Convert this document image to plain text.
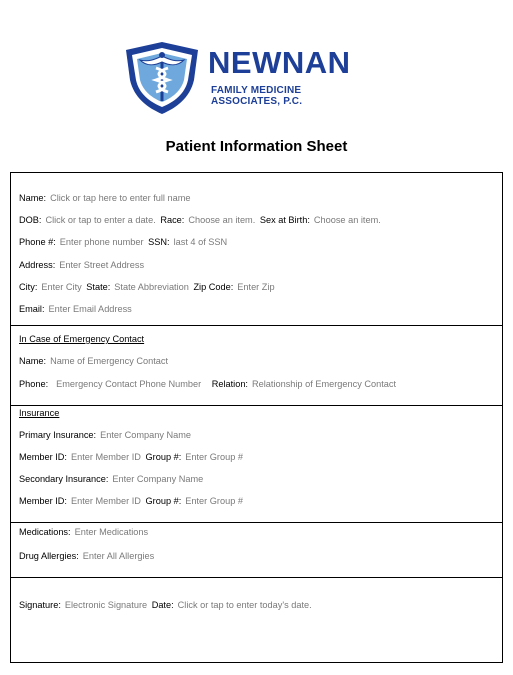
NEWNAN
FAMILY MEDICINE ASSOCIATES, P.C.
Patient Information Sheet
Name: Click or tap here to enter full name
DOB: Click or tap to enter a date. Race: Choose an item. Sex at Birth: Choose an item.
Phone #: Enter phone number SSN: last 4 of SSN
Address: Enter Street Address
City: Enter City State: State Abbreviation Zip Code: Enter Zip
Email: Enter Email Address
In Case of Emergency Contact
Name: Name of Emergency Contact
Phone: Emergency Contact Phone Number Relation: Relationship of Emergency Contact
Insurance
Primary Insurance: Enter Company Name
Member ID: Enter Member ID Group #: Enter Group #
Secondary Insurance: Enter Company Name
Member ID: Enter Member ID Group #: Enter Group #
Medications: Enter Medications
Drug Allergies: Enter All Allergies
Signature: Electronic Signature Date: Click or tap to enter today's date.
